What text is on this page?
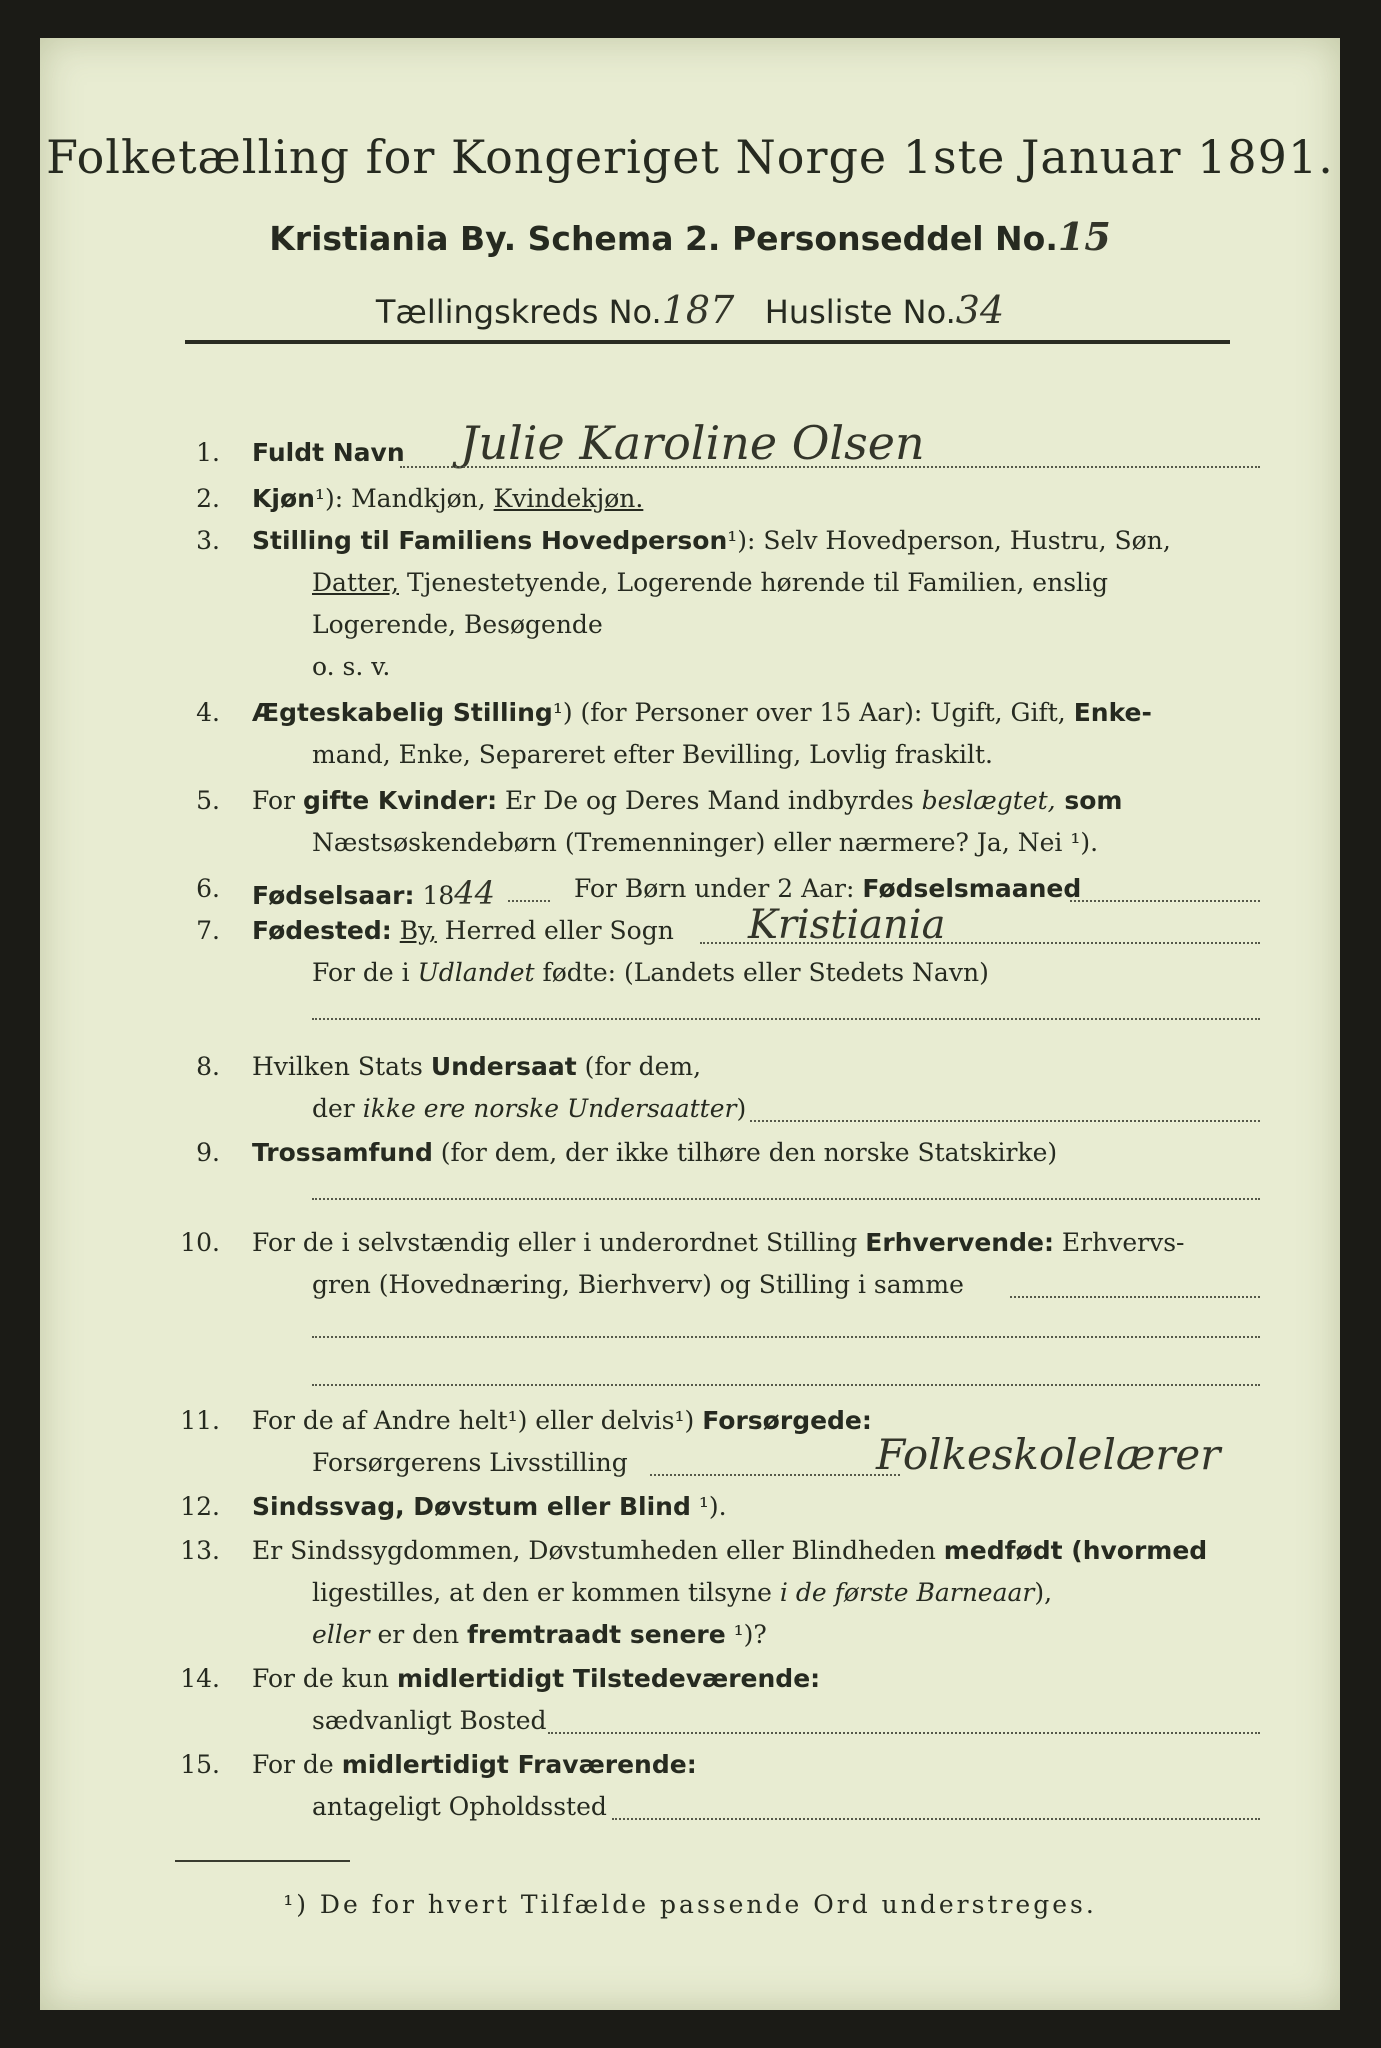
Folketælling for Kongeriget Norge 1ste Januar 1891.
Kristiania By. Schema 2. Personseddel No.15
Tællingskreds No.187 Husliste No.34
1. Fuldt Navn Julie Karoline Olsen
2. Kjøn¹): Mandkjøn, Kvindekjøn.
3. Stilling til Familiens Hovedperson¹): Selv Hovedperson, Hustru, Søn,
Datter, Tjenestetyende, Logerende hørende til Familien, enslig
Logerende, Besøgende
o. s. v.
4. Ægteskabelig Stilling¹) (for Personer over 15 Aar): Ugift, Gift, Enke-
mand, Enke, Separeret efter Bevilling, Lovlig fraskilt.
5. For gifte Kvinder: Er De og Deres Mand indbyrdes beslægtet, som
Næstsøskendebørn (Tremenninger) eller nærmere? Ja, Nei ¹).
6. Fødselsaar: 1844	For Børn under 2 Aar: Fødselsmaaned
7. Fødested: By, Herred eller Sogn Kristiania
For de i Udlandet fødte: (Landets eller Stedets Navn)
8. Hvilken Stats Undersaat (for dem,
der ikke ere norske Undersaatter)
9. Trossamfund (for dem, der ikke tilhøre den norske Statskirke)
10. For de i selvstændig eller i underordnet Stilling Erhvervende: Erhvervs-
gren (Hovednæring, Bierhverv) og Stilling i samme
11. For de af Andre helt¹) eller delvis¹) Forsørgede:
Forsørgerens Livsstilling	Folkeskolelærer
12. Sindssvag, Døvstum eller Blind ¹).
13. Er Sindssygdommen, Døvstumheden eller Blindheden medfødt (hvormed
ligestilles, at den er kommen tilsyne i de første Barneaar),
eller er den fremtraadt senere ¹)?
14. For de kun midlertidigt Tilstedeværende:
sædvanligt Bosted
15. For de midlertidigt Fraværende:
antageligt Opholdssted
¹) De for hvert Tilfælde passende Ord understreges.
